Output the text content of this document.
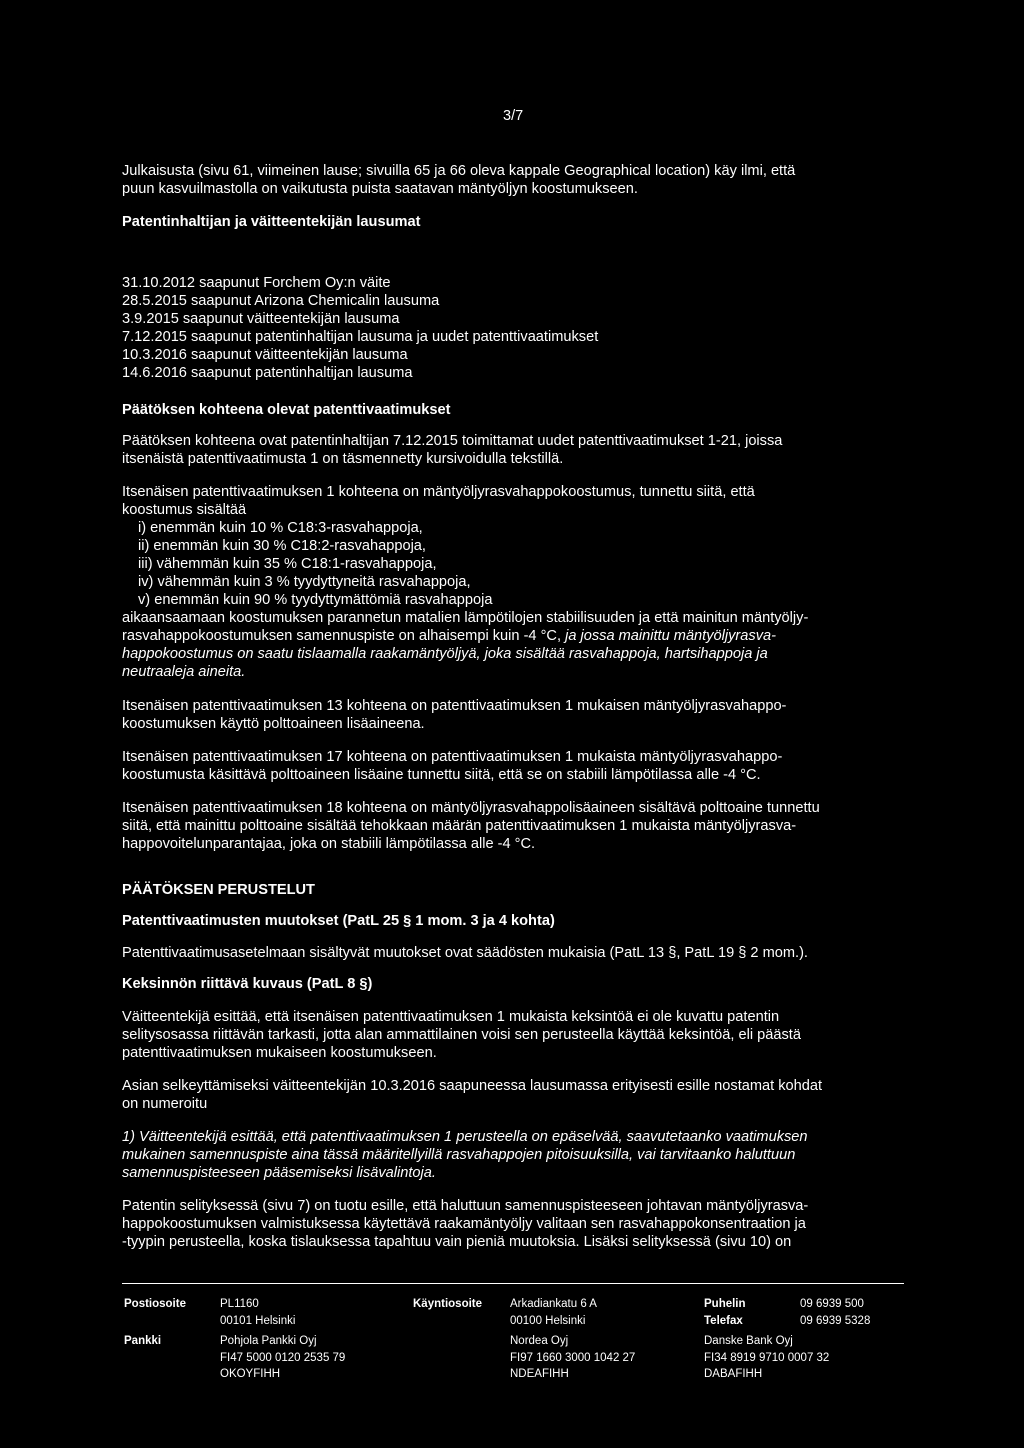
3/7

Julkaisusta (sivu 61, viimeinen lause; sivuilla 65 ja 66 oleva kappale Geographical location) käy ilmi, että

puun kasvuilmastolla on vaikutusta puista saatavan mäntyöljyn koostumukseen.

Patentinhaltijan ja väitteentekijän lausumat

31.10.2012 saapunut Forchem Oy:n väite

28.5.2015 saapunut Arizona Chemicalin lausuma

3.9.2015 saapunut väitteentekijän lausuma

7.12.2015 saapunut patentinhaltijan lausuma ja uudet patenttivaatimukset

10.3.2016 saapunut väitteentekijän lausuma

14.6.2016 saapunut patentinhaltijan lausuma

Päätöksen kohteena olevat patenttivaatimukset

Päätöksen kohteena ovat patentinhaltijan 7.12.2015 toimittamat uudet patenttivaatimukset 1-21, joissa

itsenäistä patenttivaatimusta 1 on täsmennetty kursivoidulla tekstillä.

Itsenäisen patenttivaatimuksen 1 kohteena on mäntyöljyrasvahappokoostumus, tunnettu siitä, että

koostumus sisältää

i) enemmän kuin 10 % C18:3-rasvahappoja,

ii) enemmän kuin 30 % C18:2-rasvahappoja,

iii) vähemmän kuin 35 % C18:1-rasvahappoja,

iv) vähemmän kuin 3 % tyydyttyneitä rasvahappoja,

v) enemmän kuin 90 % tyydyttymättömiä rasvahappoja

aikaansaamaan koostumuksen parannetun matalien lämpötilojen stabiilisuuden ja että mainitun mäntyöljy-

rasvahappokoostumuksen samennuspiste on alhaisempi kuin -4 °C, ja jossa mainittu mäntyöljyrasva-

happokoostumus on saatu tislaamalla raakamäntyöljyä, joka sisältää rasvahappoja, hartsihappoja ja

neutraaleja aineita.

Itsenäisen patenttivaatimuksen 13 kohteena on patenttivaatimuksen 1 mukaisen mäntyöljyrasvahappo-

koostumuksen käyttö polttoaineen lisäaineena.

Itsenäisen patenttivaatimuksen 17 kohteena on patenttivaatimuksen 1 mukaista mäntyöljyrasvahappo-

koostumusta käsittävä polttoaineen lisäaine tunnettu siitä, että se on stabiili lämpötilassa alle -4 °C.

Itsenäisen patenttivaatimuksen 18 kohteena on mäntyöljyrasvahappolisäaineen sisältävä polttoaine tunnettu

siitä, että mainittu polttoaine sisältää tehokkaan määrän patenttivaatimuksen 1 mukaista mäntyöljyrasva-

happovoitelunparantajaa, joka on stabiili lämpötilassa alle -4 °C.

PÄÄTÖKSEN PERUSTELUT
Patenttivaatimusten muutokset (PatL 25 § 1 mom. 3 ja 4 kohta)
Patenttivaatimusasetelmaan sisältyvät muutokset ovat säädösten mukaisia (PatL 13 §, PatL 19 § 2 mom.).
Keksinnön riittävä kuvaus (PatL 8 §)

Väitteentekijä esittää, että itsenäisen patenttivaatimuksen 1 mukaista keksintöä ei ole kuvattu patentin

selitysosassa riittävän tarkasti, jotta alan ammattilainen voisi sen perusteella käyttää keksintöä, eli päästä

patenttivaatimuksen mukaiseen koostumukseen.

Asian selkeyttämiseksi väitteentekijän 10.3.2016 saapuneessa lausumassa erityisesti esille nostamat kohdat

on numeroitu

1) Väitteentekijä esittää, että patenttivaatimuksen 1 perusteella on epäselvää, saavutetaanko vaatimuksen

mukainen samennuspiste aina tässä määritellyillä rasvahappojen pitoisuuksilla, vai tarvitaanko haluttuun

samennuspisteeseen pääsemiseksi lisävalintoja.

Patentin selityksessä (sivu 7) on tuotu esille, että haluttuun samennuspisteeseen johtavan mäntyöljyrasva-

happokoostumuksen valmistuksessa käytettävä raakamäntyöljy valitaan sen rasvahappokonsentraation ja

-tyypin perusteella, koska tislauksessa tapahtuu vain pieniä muutoksia. Lisäksi selityksessä (sivu 10) on

Postiosoite	PL1160

00101 Helsinki

Käyntiosoite Arkadiankatu 6 A

00100 Helsinki

Puhelin

Telefax

09 6939 500

09 6939 5328

Pankki	Pohjola Pankki Oyj

FI47 5000 0120 2535 79

OKOYFIHH

Nordea Oyj

FI97 1660 3000 1042 27

NDEAFIHH

Danske Bank Oyj

FI34 8919 9710 0007 32

DABAFIHH
